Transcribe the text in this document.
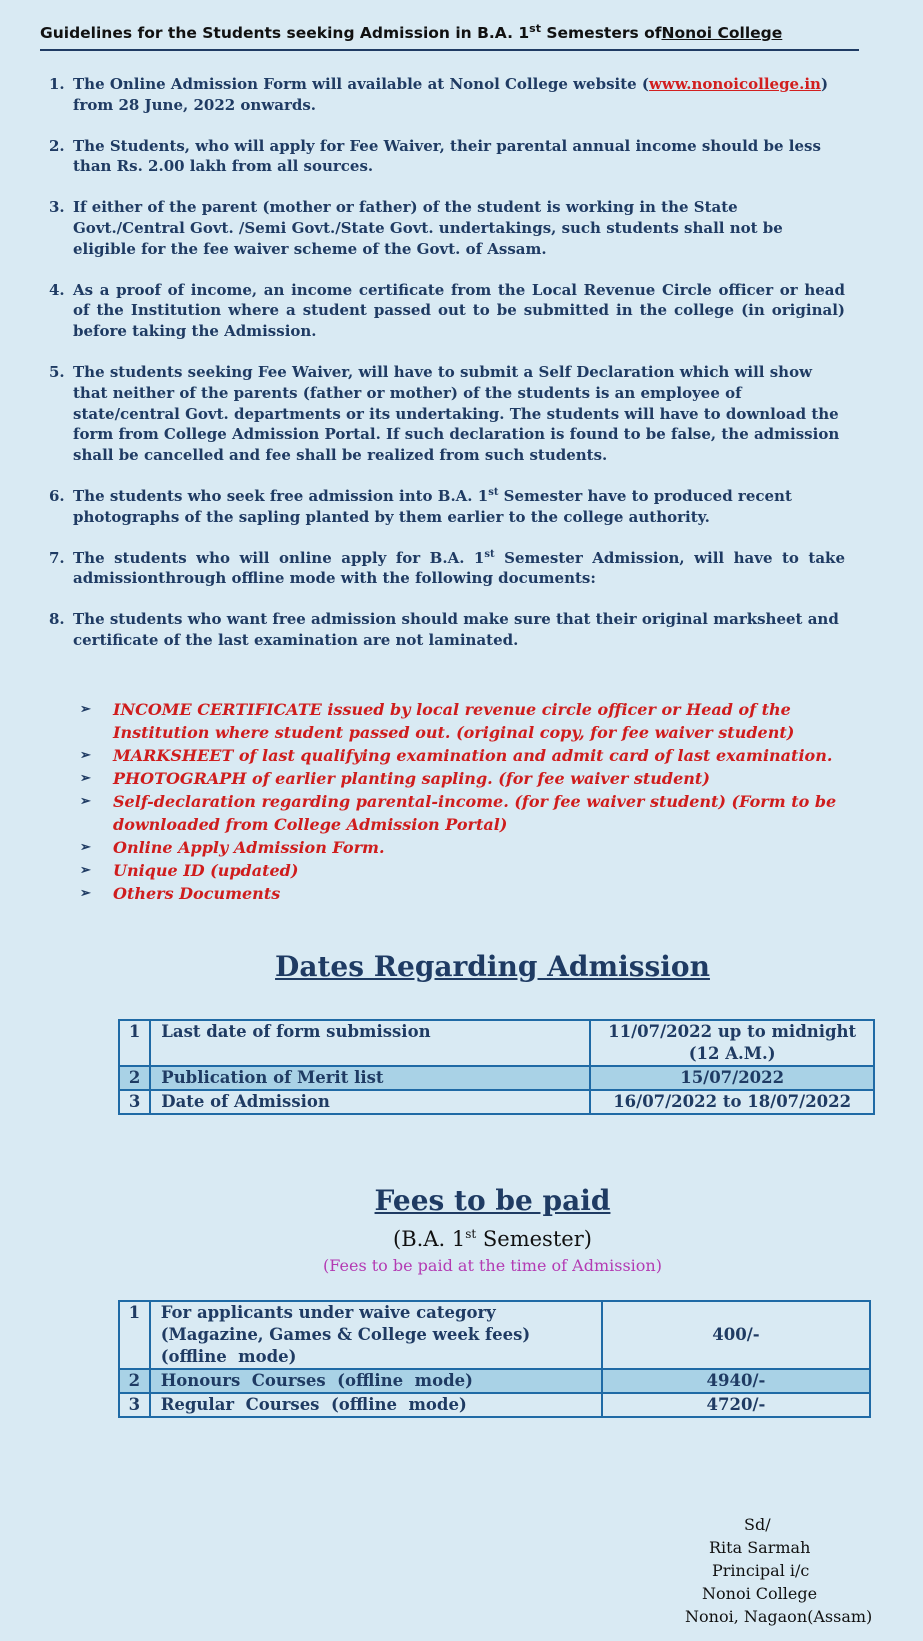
Guidelines for the Students seeking Admission in B.A. 1st Semesters ofNonoi College
1. The Online Admission Form will available at Nonol College website (www.nonoicollege.in) from 28 June, 2022 onwards.
2. The Students, who will apply for Fee Waiver, their parental annual income should be less than Rs. 2.00 lakh from all sources.
3. If either of the parent (mother or father) of the student is working in the State Govt./Central Govt. /Semi Govt./State Govt. undertakings, such students shall not be eligible for the fee waiver scheme of the Govt. of Assam.
4. As a proof of income, an income certificate from the Local Revenue Circle officer or head of the Institution where a student passed out to be submitted in the college (in original) before taking the Admission.
5. The students seeking Fee Waiver, will have to submit a Self Declaration which will show that neither of the parents (father or mother) of the students is an employee of state/central Govt. departments or its undertaking. The students will have to download the form from College Admission Portal. If such declaration is found to be false, the admission shall be cancelled and fee shall be realized from such students.
6. The students who seek free admission into B.A. 1st Semester have to produced recent photographs of the sapling planted by them earlier to the college authority.
7. The students who will online apply for B.A. 1st Semester Admission, will have to take admissionthrough offline mode with the following documents:
8. The students who want free admission should make sure that their original marksheet and certificate of the last examination are not laminated.
➢ INCOME CERTIFICATE issued by local revenue circle officer or Head of the Institution where student passed out. (original copy, for fee waiver student)
➢ MARKSHEET of last qualifying examination and admit card of last examination.
➢ PHOTOGRAPH of earlier planting sapling. (for fee waiver student)
➢ Self-declaration regarding parental-income. (for fee waiver student) (Form to be downloaded from College Admission Portal)
➢ Online Apply Admission Form.
➢ Unique ID (updated)
➢ Others Documents
Dates Regarding Admission
1	Last date of form submission	11/07/2022 up to midnight (12 A.M.)
2	Publication of Merit list	15/07/2022
3	Date of Admission	16/07/2022 to 18/07/2022
Fees to be paid
(B.A. 1st Semester)
(Fees to be paid at the time of Admission)
1	For applicants under waive category (Magazine, Games & College week fees)      (offline  mode)	400/-
2	Honours  Courses  (offline  mode)	4940/-
3	Regular  Courses  (offline  mode)	4720/-
Sd/
Rita Sarmah
Principal i/c
Nonoi College
Nonoi, Nagaon(Assam)
